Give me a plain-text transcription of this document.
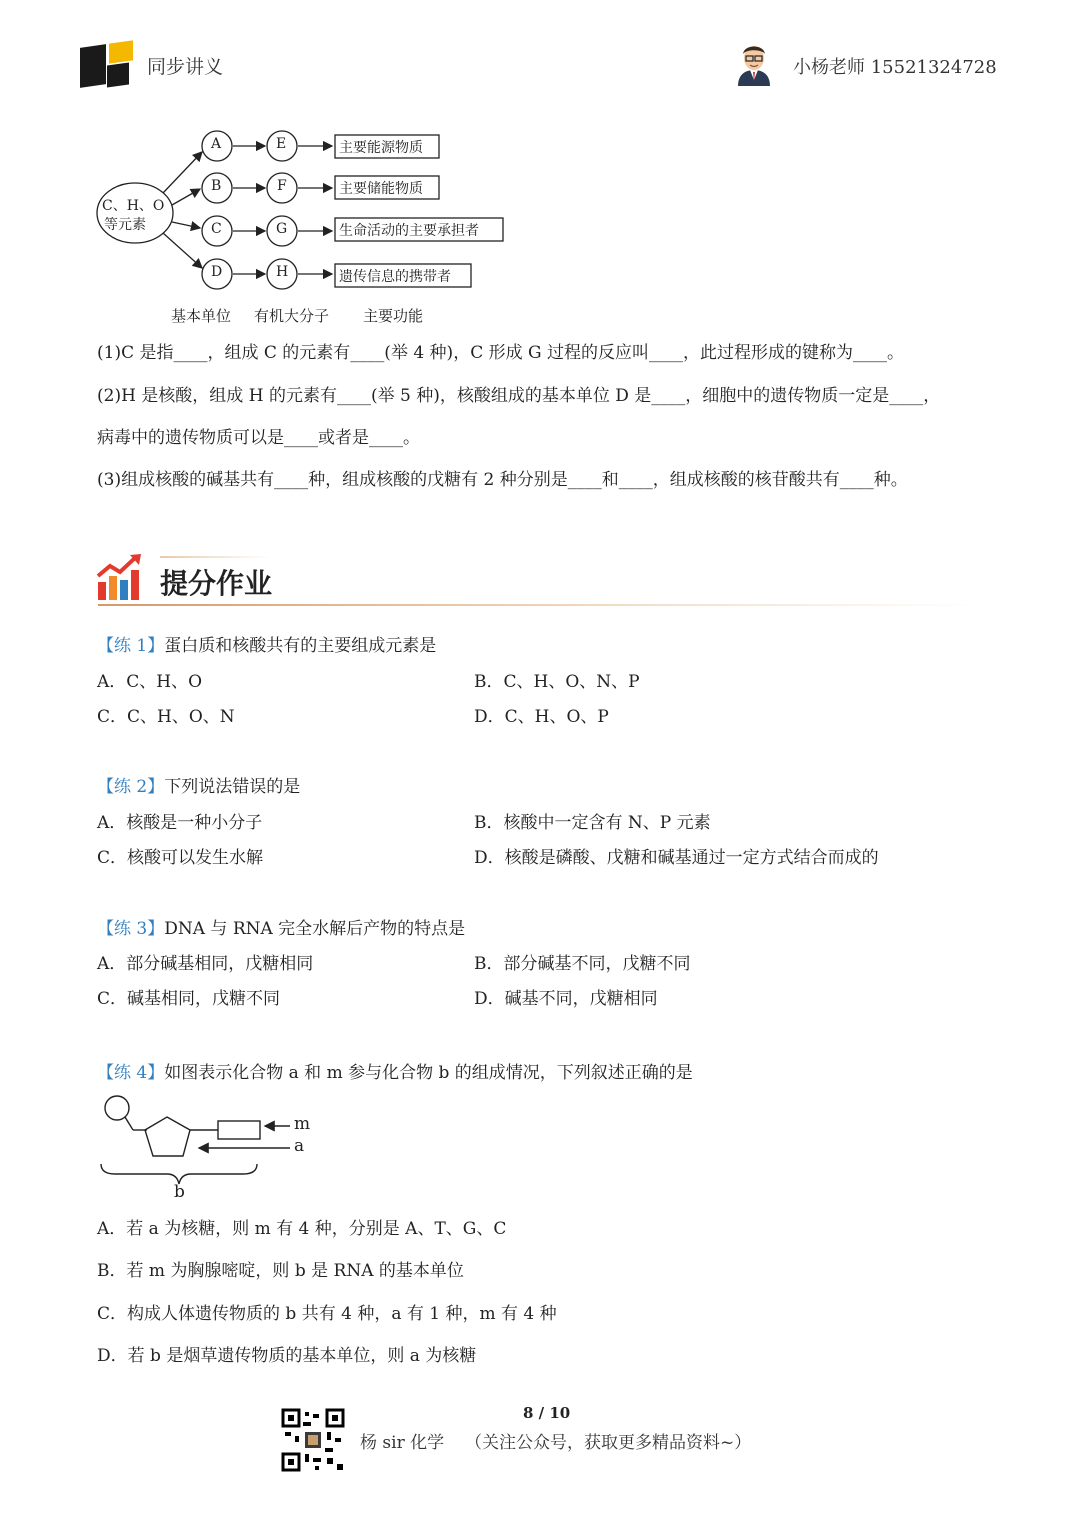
同步讲义	小杨老师 15521324728
C、H、O
等元素
A
B
C
D
E
F
G
H
主要能源物质
主要储能物质
生命活动的主要承担者
遗传信息的携带者
基本单位 有机大分子 主要功能
(1)C 是指____，组成 C 的元素有____(举 4 种)，C 形成 G 过程的反应叫____，此过程形成的键称为____。
(2)H 是核酸，组成 H 的元素有____(举 5 种)，核酸组成的基本单位 D 是____，细胞中的遗传物质一定是____，
病毒中的遗传物质可以是____或者是____。
(3)组成核酸的碱基共有____种，组成核酸的戊糖有 2 种分别是____和____，组成核酸的核苷酸共有____种。
提分作业
【练 1】蛋白质和核酸共有的主要组成元素是
A．C、H、O	B．C、H、O、N、P
C．C、H、O、N	D．C、H、O、P
【练 2】下列说法错误的是
A．核酸是一种小分子	B．核酸中一定含有 N、P 元素
C．核酸可以发生水解	D．核酸是磷酸、戊糖和碱基通过一定方式结合而成的
【练 3】DNA 与 RNA 完全水解后产物的特点是
A．部分碱基相同，戊糖相同	B．部分碱基不同，戊糖不同
C．碱基相同，戊糖不同	D．碱基不同，戊糖相同
【练 4】如图表示化合物 a 和 m 参与化合物 b 的组成情况，下列叙述正确的是
m
a
b
A．若 a 为核糖，则 m 有 4 种，分别是 A、T、G、C
B．若 m 为胸腺嘧啶，则 b 是 RNA 的基本单位
C．构成人体遗传物质的 b 共有 4 种，a 有 1 种，m 有 4 种
D．若 b 是烟草遗传物质的基本单位，则 a 为核糖
8 / 10
杨 sir 化学 （关注公众号，获取更多精品资料~）
